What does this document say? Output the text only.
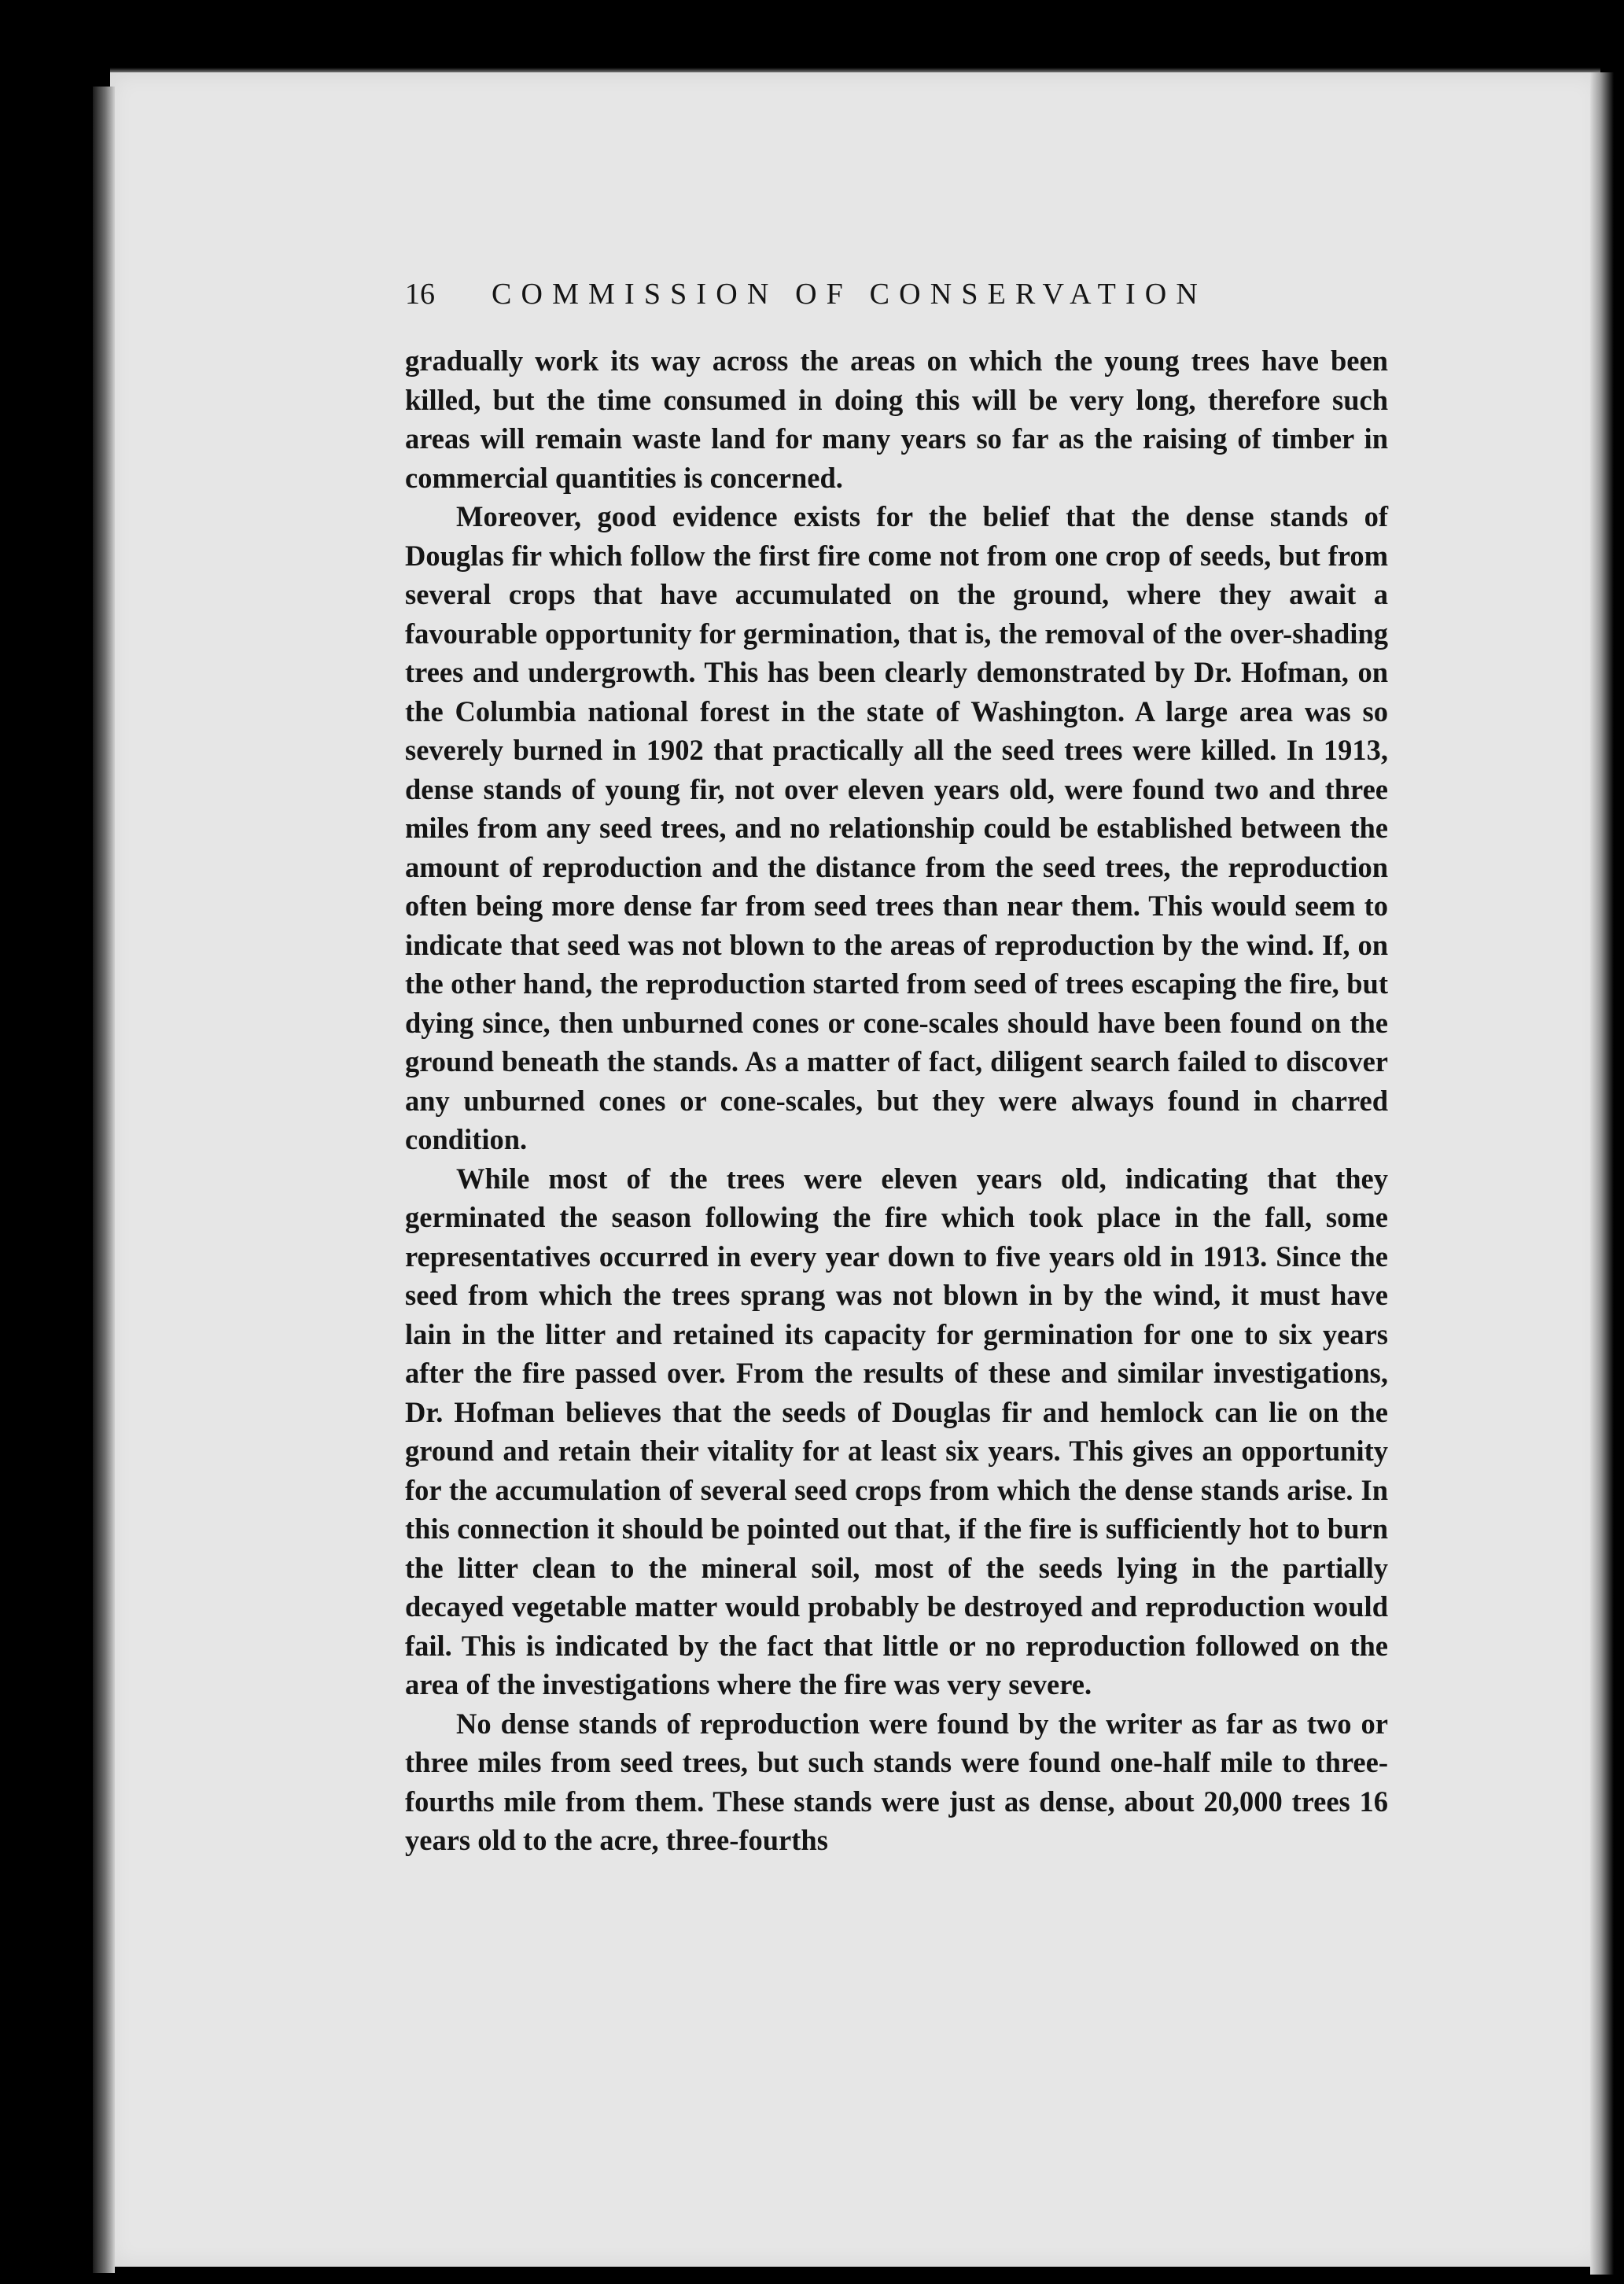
16	COMMISSION OF CONSERVATION

gradually work its way across the areas on which the young trees have been killed, but the time consumed in doing this will be very long, therefore such areas will remain waste land for many years so far as the raising of timber in commercial quantities is concerned.

Moreover, good evidence exists for the belief that the dense stands of Douglas fir which follow the first fire come not from one crop of seeds, but from several crops that have accumulated on the ground, where they await a favourable opportunity for germination, that is, the removal of the over-shading trees and undergrowth. This has been clearly demonstrated by Dr. Hofman, on the Columbia national forest in the state of Washington. A large area was so severely burned in 1902 that practically all the seed trees were killed. In 1913, dense stands of young fir, not over eleven years old, were found two and three miles from any seed trees, and no relationship could be established between the amount of reproduction and the distance from the seed trees, the reproduction often being more dense far from seed trees than near them. This would seem to indicate that seed was not blown to the areas of reproduction by the wind. If, on the other hand, the reproduction started from seed of trees escaping the fire, but dying since, then unburned cones or cone-scales should have been found on the ground beneath the stands. As a matter of fact, diligent search failed to discover any unburned cones or cone-scales, but they were always found in charred condition.

While most of the trees were eleven years old, indicating that they germinated the season following the fire which took place in the fall, some representatives occurred in every year down to five years old in 1913. Since the seed from which the trees sprang was not blown in by the wind, it must have lain in the litter and retained its capacity for germination for one to six years after the fire passed over. From the results of these and similar investigations, Dr. Hofman believes that the seeds of Douglas fir and hemlock can lie on the ground and retain their vitality for at least six years. This gives an opportunity for the accumulation of several seed crops from which the dense stands arise. In this connection it should be pointed out that, if the fire is sufficiently hot to burn the litter clean to the mineral soil, most of the seeds lying in the partially decayed vegetable matter would probably be destroyed and reproduction would fail. This is indicated by the fact that little or no reproduction followed on the area of the investigations where the fire was very severe.

No dense stands of reproduction were found by the writer as far as two or three miles from seed trees, but such stands were found one-half mile to three-fourths mile from them. These stands were just as dense, about 20,000 trees 16 years old to the acre, three-fourths
